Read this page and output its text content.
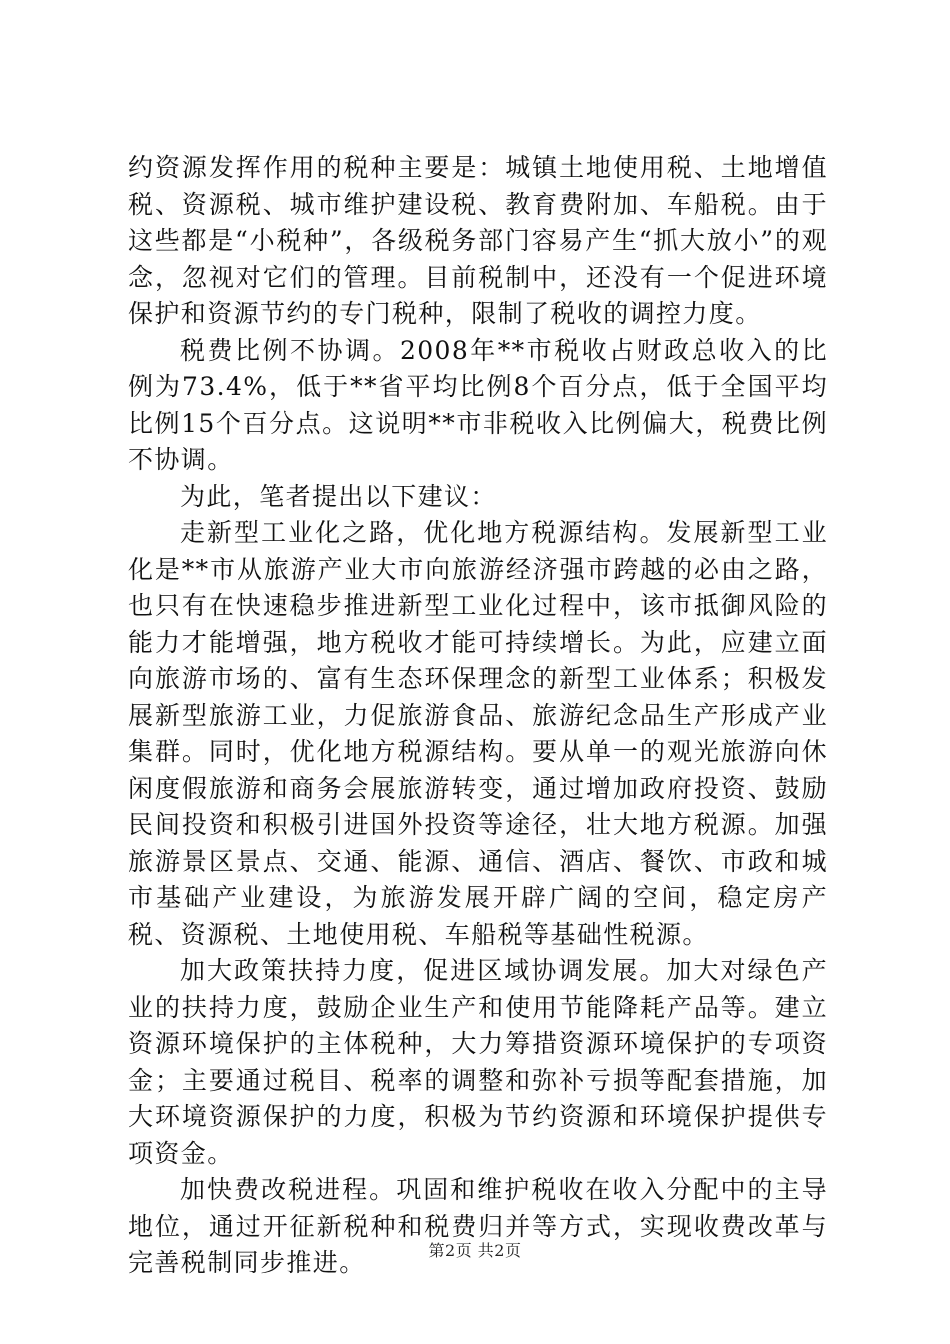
约资源发挥作用的税种主要是：城镇土地使用税、土地增值税、资源税、城市维护建设税、教育费附加、车船税。由于这些都是“小税种”，各级税务部门容易产生“抓大放小”的观念，忽视对它们的管理。目前税制中，还没有一个促进环境保护和资源节约的专门税种，限制了税收的调控力度。

税费比例不协调。2008年**市税收占财政总收入的比例为73.4%，低于**省平均比例8个百分点，低于全国平均比例15个百分点。这说明**市非税收入比例偏大，税费比例不协调。

为此，笔者提出以下建议：

走新型工业化之路，优化地方税源结构。发展新型工业化是**市从旅游产业大市向旅游经济强市跨越的必由之路，也只有在快速稳步推进新型工业化过程中，该市抵御风险的能力才能增强，地方税收才能可持续增长。为此，应建立面向旅游市场的、富有生态环保理念的新型工业体系；积极发展新型旅游工业，力促旅游食品、旅游纪念品生产形成产业集群。同时，优化地方税源结构。要从单一的观光旅游向休闲度假旅游和商务会展旅游转变，通过增加政府投资、鼓励民间投资和积极引进国外投资等途径，壮大地方税源。加强旅游景区景点、交通、能源、通信、酒店、餐饮、市政和城市基础产业建设，为旅游发展开辟广阔的空间，稳定房产税、资源税、土地使用税、车船税等基础性税源。

加大政策扶持力度，促进区域协调发展。加大对绿色产业的扶持力度，鼓励企业生产和使用节能降耗产品等。建立资源环境保护的主体税种，大力筹措资源环境保护的专项资金；主要通过税目、税率的调整和弥补亏损等配套措施，加大环境资源保护的力度，积极为节约资源和环境保护提供专项资金。

加快费改税进程。巩固和维护税收在收入分配中的主导地位，通过开征新税种和税费归并等方式，实现收费改革与完善税制同步推进。	第2页 共2页
